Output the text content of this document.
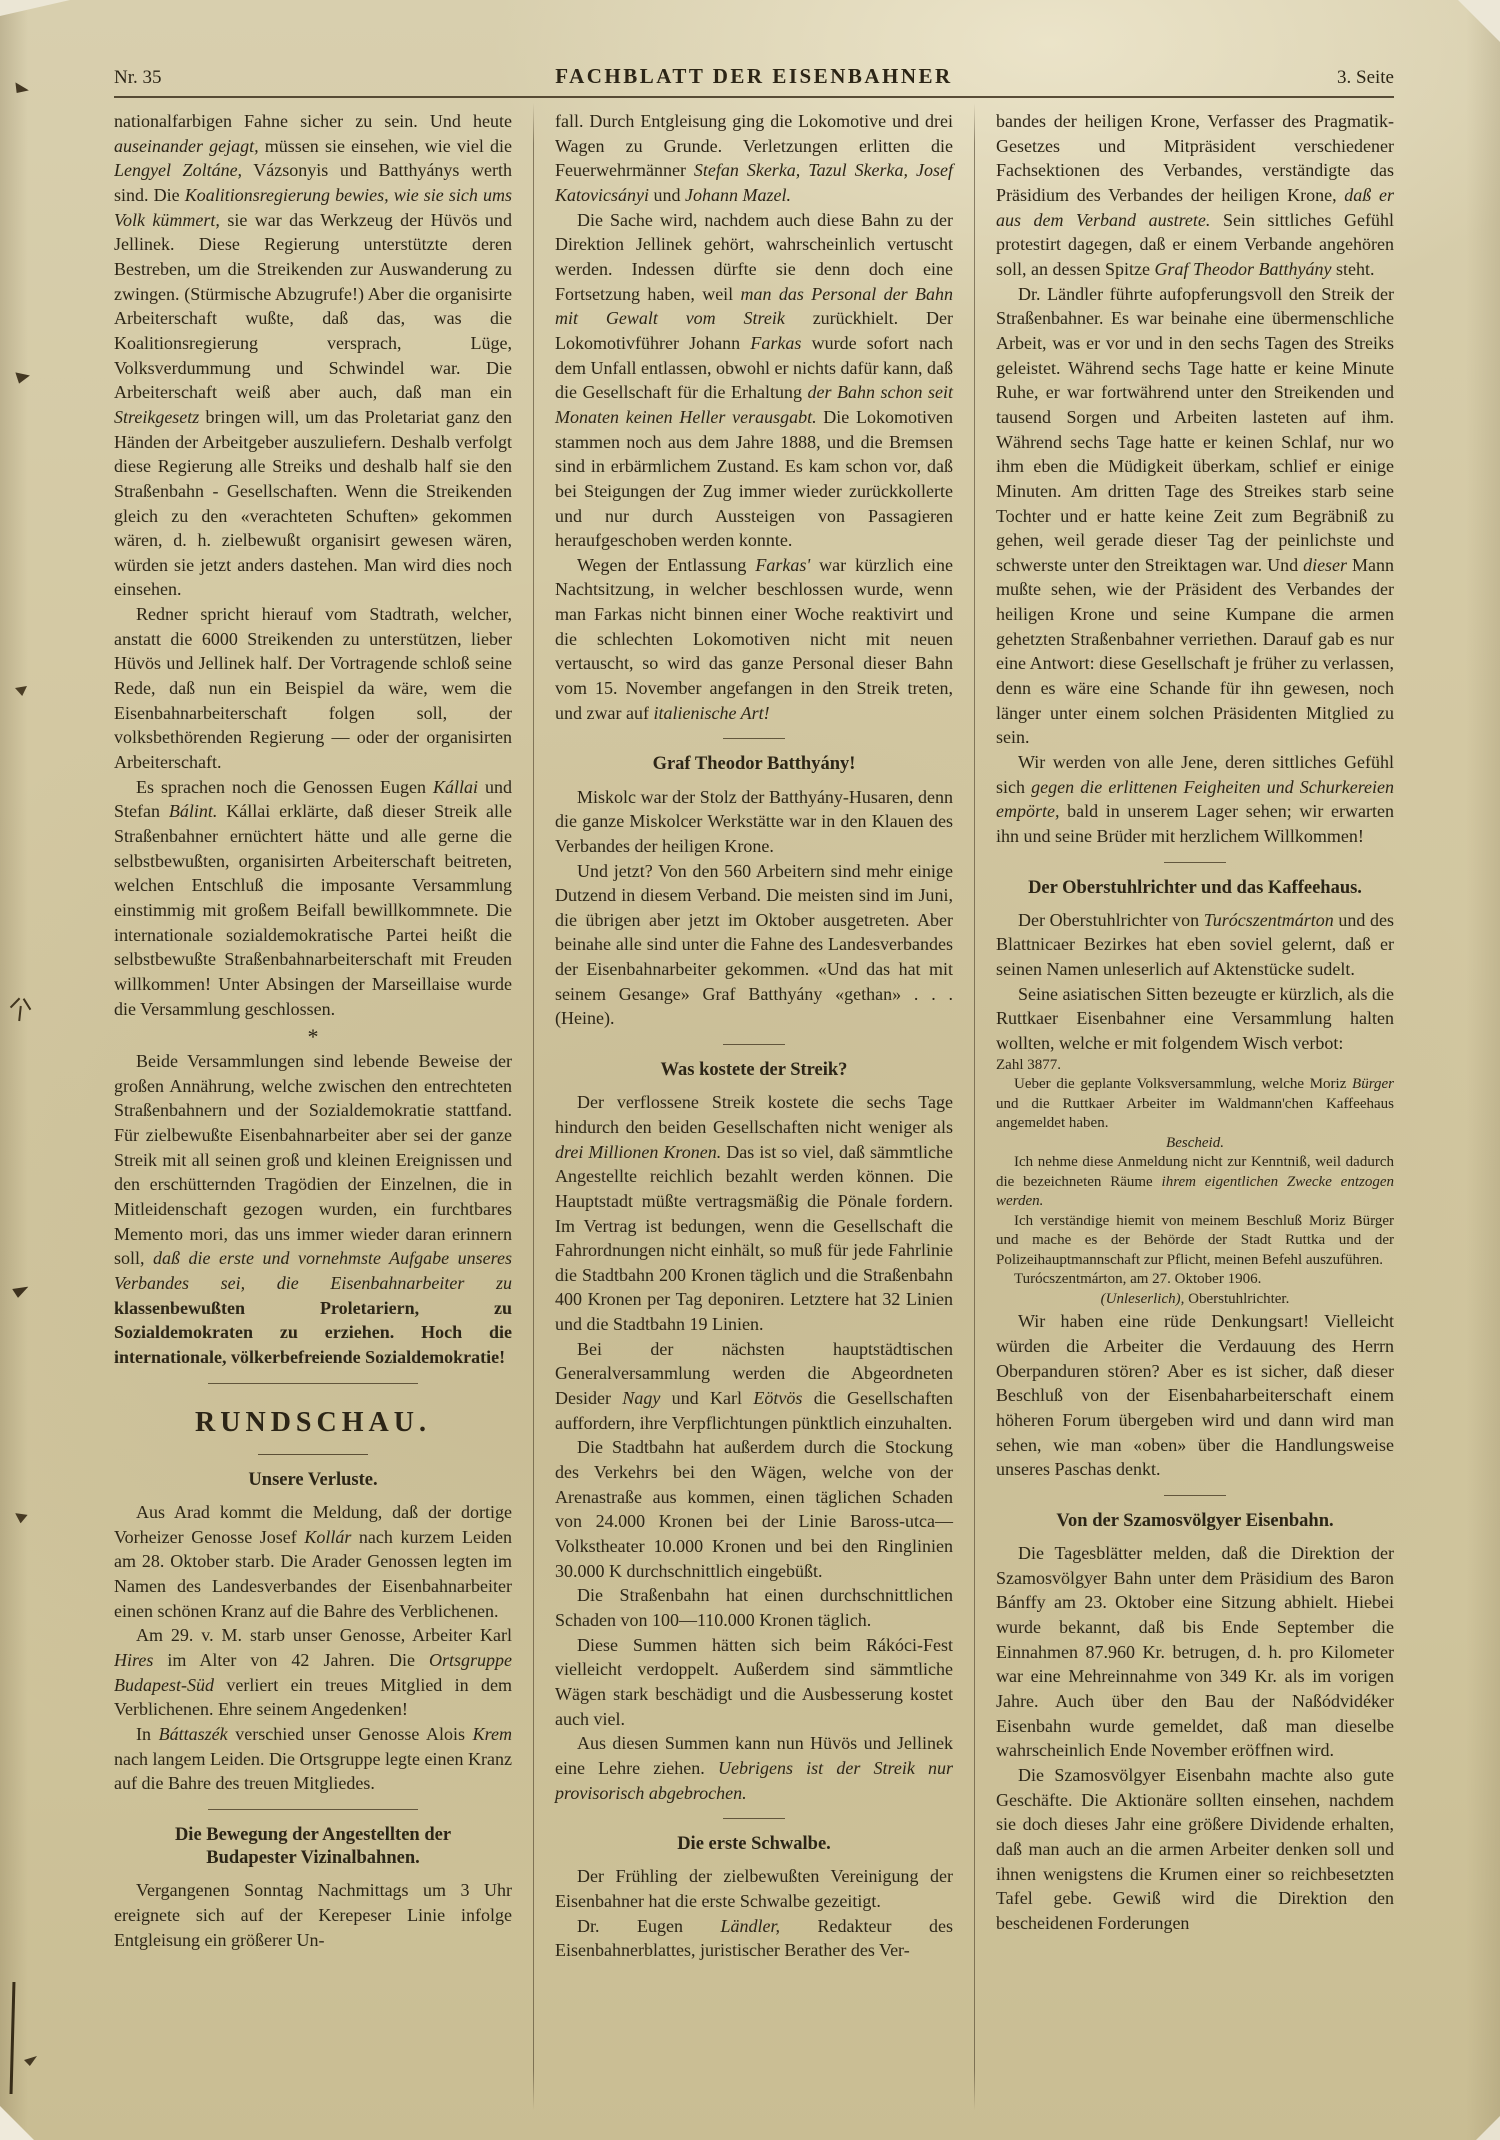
Nr. 35	FACHBLATT DER EISENBAHNER	3. Seite
nationalfarbigen Fahne sicher zu sein. Und heute auseinander gejagt, müssen sie einsehen, wie viel die Lengyel Zoltáne, Vázsonyis und Batthyánys werth sind. Die Koalitionsregierung bewies, wie sie sich ums Volk kümmert, sie war das Werkzeug der Hüvös und Jellinek. Diese Regierung unterstützte deren Bestreben, um die Streikenden zur Auswanderung zu zwingen. (Stürmische Abzugrufe!) Aber die organisirte Arbeiterschaft wußte, daß das, was die Koalitionsregierung versprach, Lüge, Volksverdummung und Schwindel war. Die Arbeiterschaft weiß aber auch, daß man ein Streikgesetz bringen will, um das Proletariat ganz den Händen der Arbeitgeber auszuliefern. Deshalb verfolgt diese Regierung alle Streiks und deshalb half sie den Straßenbahn - Gesellschaften. Wenn die Streikenden gleich zu den «verachteten Schuften» gekommen wären, d. h. zielbewußt organisirt gewesen wären, würden sie jetzt anders dastehen. Man wird dies noch einsehen.
Redner spricht hierauf vom Stadtrath, welcher, anstatt die 6000 Streikenden zu unterstützen, lieber Hüvös und Jellinek half. Der Vortragende schloß seine Rede, daß nun ein Beispiel da wäre, wem die Eisenbahnarbeiterschaft folgen soll, der volksbethörenden Regierung — oder der organisirten Arbeiterschaft.
Es sprachen noch die Genossen Eugen Kállai und Stefan Bálint. Kállai erklärte, daß dieser Streik alle Straßenbahner ernüchtert hätte und alle gerne die selbstbewußten, organisirten Arbeiterschaft beitreten, welchen Entschluß die imposante Versammlung einstimmig mit großem Beifall bewillkommnete. Die internationale sozialdemokratische Partei heißt die selbstbewußte Straßenbahnarbeiterschaft mit Freuden willkommen! Unter Absingen der Marseillaise wurde die Versammlung geschlossen.
*
Beide Versammlungen sind lebende Beweise der großen Annährung, welche zwischen den entrechteten Straßenbahnern und der Sozialdemokratie stattfand. Für zielbewußte Eisenbahnarbeiter aber sei der ganze Streik mit all seinen groß und kleinen Ereignissen und den erschütternden Tragödien der Einzelnen, die in Mitleidenschaft gezogen wurden, ein furchtbares Memento mori, das uns immer wieder daran erinnern soll, daß die erste und vornehmste Aufgabe unseres Verbandes sei, die Eisenbahnarbeiter zu klassenbewußten Proletariern, zu Sozialdemokraten zu erziehen. Hoch die internationale, völkerbefreiende Sozialdemokratie!
RUNDSCHAU.
Unsere Verluste.
Aus Arad kommt die Meldung, daß der dortige Vorheizer Genosse Josef Kollár nach kurzem Leiden am 28. Oktober starb. Die Arader Genossen legten im Namen des Landesverbandes der Eisenbahnarbeiter einen schönen Kranz auf die Bahre des Verblichenen.
Am 29. v. M. starb unser Genosse, Arbeiter Karl Hires im Alter von 42 Jahren. Die Ortsgruppe Budapest-Süd verliert ein treues Mitglied in dem Verblichenen. Ehre seinem Angedenken!
In Báttaszék verschied unser Genosse Alois Krem nach langem Leiden. Die Ortsgruppe legte einen Kranz auf die Bahre des treuen Mitgliedes.
Die Bewegung der Angestellten der Budapester Vizinalbahnen.
Vergangenen Sonntag Nachmittags um 3 Uhr ereignete sich auf der Kerepeser Linie infolge Entgleisung ein größerer Un-
fall. Durch Entgleisung ging die Lokomotive und drei Wagen zu Grunde. Verletzungen erlitten die Feuerwehrmänner Stefan Skerka, Tazul Skerka, Josef Katovicsányi und Johann Mazel.
Die Sache wird, nachdem auch diese Bahn zu der Direktion Jellinek gehört, wahrscheinlich vertuscht werden. Indessen dürfte sie denn doch eine Fortsetzung haben, weil man das Personal der Bahn mit Gewalt vom Streik zurückhielt. Der Lokomotivführer Johann Farkas wurde sofort nach dem Unfall entlassen, obwohl er nichts dafür kann, daß die Gesellschaft für die Erhaltung der Bahn schon seit Monaten keinen Heller verausgabt. Die Lokomotiven stammen noch aus dem Jahre 1888, und die Bremsen sind in erbärmlichem Zustand. Es kam schon vor, daß bei Steigungen der Zug immer wieder zurückkollerte und nur durch Aussteigen von Passagieren heraufgeschoben werden konnte.
Wegen der Entlassung Farkas' war kürzlich eine Nachtsitzung, in welcher beschlossen wurde, wenn man Farkas nicht binnen einer Woche reaktivirt und die schlechten Lokomotiven nicht mit neuen vertauscht, so wird das ganze Personal dieser Bahn vom 15. November angefangen in den Streik treten, und zwar auf italienische Art!
Graf Theodor Batthyány!
Miskolc war der Stolz der Batthyány-Husaren, denn die ganze Miskolcer Werkstätte war in den Klauen des Verbandes der heiligen Krone.
Und jetzt? Von den 560 Arbeitern sind mehr einige Dutzend in diesem Verband. Die meisten sind im Juni, die übrigen aber jetzt im Oktober ausgetreten. Aber beinahe alle sind unter die Fahne des Landesverbandes der Eisenbahnarbeiter gekommen. «Und das hat mit seinem Gesange» Graf Batthyány «gethan» . . . (Heine).
Was kostete der Streik?
Der verflossene Streik kostete die sechs Tage hindurch den beiden Gesellschaften nicht weniger als drei Millionen Kronen. Das ist so viel, daß sämmtliche Angestellte reichlich bezahlt werden können. Die Hauptstadt müßte vertragsmäßig die Pönale fordern. Im Vertrag ist bedungen, wenn die Gesellschaft die Fahrordnungen nicht einhält, so muß für jede Fahrlinie die Stadtbahn 200 Kronen täglich und die Straßenbahn 400 Kronen per Tag deponiren. Letztere hat 32 Linien und die Stadtbahn 19 Linien.
Bei der nächsten hauptstädtischen Generalversammlung werden die Abgeordneten Desider Nagy und Karl Eötvös die Gesellschaften auffordern, ihre Verpflichtungen pünktlich einzuhalten.
Die Stadtbahn hat außerdem durch die Stockung des Verkehrs bei den Wägen, welche von der Arenastraße aus kommen, einen täglichen Schaden von 24.000 Kronen bei der Linie Baross-utca—Volkstheater 10.000 Kronen und bei den Ringlinien 30.000 K durchschnittlich eingebüßt.
Die Straßenbahn hat einen durchschnittlichen Schaden von 100—110.000 Kronen täglich.
Diese Summen hätten sich beim Rákóci-Fest vielleicht verdoppelt. Außerdem sind sämmtliche Wägen stark beschädigt und die Ausbesserung kostet auch viel.
Aus diesen Summen kann nun Hüvös und Jellinek eine Lehre ziehen. Uebrigens ist der Streik nur provisorisch abgebrochen.
Die erste Schwalbe.
Der Frühling der zielbewußten Vereinigung der Eisenbahner hat die erste Schwalbe gezeitigt.
Dr. Eugen Ländler, Redakteur des Eisenbahnerblattes, juristischer Berather des Ver-
bandes der heiligen Krone, Verfasser des Pragmatik-Gesetzes und Mitpräsident verschiedener Fachsektionen des Verbandes, verständigte das Präsidium des Verbandes der heiligen Krone, daß er aus dem Verband austrete. Sein sittliches Gefühl protestirt dagegen, daß er einem Verbande angehören soll, an dessen Spitze Graf Theodor Batthyány steht.
Dr. Ländler führte aufopferungsvoll den Streik der Straßenbahner. Es war beinahe eine übermenschliche Arbeit, was er vor und in den sechs Tagen des Streiks geleistet. Während sechs Tage hatte er keine Minute Ruhe, er war fortwährend unter den Streikenden und tausend Sorgen und Arbeiten lasteten auf ihm. Während sechs Tage hatte er keinen Schlaf, nur wo ihm eben die Müdigkeit überkam, schlief er einige Minuten. Am dritten Tage des Streikes starb seine Tochter und er hatte keine Zeit zum Begräbniß zu gehen, weil gerade dieser Tag der peinlichste und schwerste unter den Streiktagen war. Und dieser Mann mußte sehen, wie der Präsident des Verbandes der heiligen Krone und seine Kumpane die armen gehetzten Straßenbahner verriethen. Darauf gab es nur eine Antwort: diese Gesellschaft je früher zu verlassen, denn es wäre eine Schande für ihn gewesen, noch länger unter einem solchen Präsidenten Mitglied zu sein.
Wir werden von alle Jene, deren sittliches Gefühl sich gegen die erlittenen Feigheiten und Schurkereien empörte, bald in unserem Lager sehen; wir erwarten ihn und seine Brüder mit herzlichem Willkommen!
Der Oberstuhlrichter und das Kaffeehaus.
Der Oberstuhlrichter von Turócszentmárton und des Blattnicaer Bezirkes hat eben soviel gelernt, daß er seinen Namen unleserlich auf Aktenstücke sudelt.
Seine asiatischen Sitten bezeugte er kürzlich, als die Ruttkaer Eisenbahner eine Versammlung halten wollten, welche er mit folgendem Wisch verbot:
Zahl 3877.
Ueber die geplante Volksversammlung, welche Moriz Bürger und die Ruttkaer Arbeiter im Waldmann'chen Kaffeehaus angemeldet haben.
Bescheid.
Ich nehme diese Anmeldung nicht zur Kenntniß, weil dadurch die bezeichneten Räume ihrem eigentlichen Zwecke entzogen werden.
Ich verständige hiemit von meinem Beschluß Moriz Bürger und mache es der Behörde der Stadt Ruttka und der Polizeihauptmannschaft zur Pflicht, meinen Befehl auszuführen.
Turócszentmárton, am 27. Oktober 1906.
(Unleserlich), Oberstuhlrichter.
Wir haben eine rüde Denkungsart! Vielleicht würden die Arbeiter die Verdauung des Herrn Oberpanduren stören? Aber es ist sicher, daß dieser Beschluß von der Eisenbaharbeiterschaft einem höheren Forum übergeben wird und dann wird man sehen, wie man «oben» über die Handlungsweise unseres Paschas denkt.
Von der Szamosvölgyer Eisenbahn.
Die Tagesblätter melden, daß die Direktion der Szamosvölgyer Bahn unter dem Präsidium des Baron Bánffy am 23. Oktober eine Sitzung abhielt. Hiebei wurde bekannt, daß bis Ende September die Einnahmen 87.960 Kr. betrugen, d. h. pro Kilometer war eine Mehreinnahme von 349 Kr. als im vorigen Jahre. Auch über den Bau der Naßódvidéker Eisenbahn wurde gemeldet, daß man dieselbe wahrscheinlich Ende November eröffnen wird.
Die Szamosvölgyer Eisenbahn machte also gute Geschäfte. Die Aktionäre sollten einsehen, nachdem sie doch dieses Jahr eine größere Dividende erhalten, daß man auch an die armen Arbeiter denken soll und ihnen wenigstens die Krumen einer so reichbesetzten Tafel gebe. Gewiß wird die Direktion den bescheidenen Forderungen
